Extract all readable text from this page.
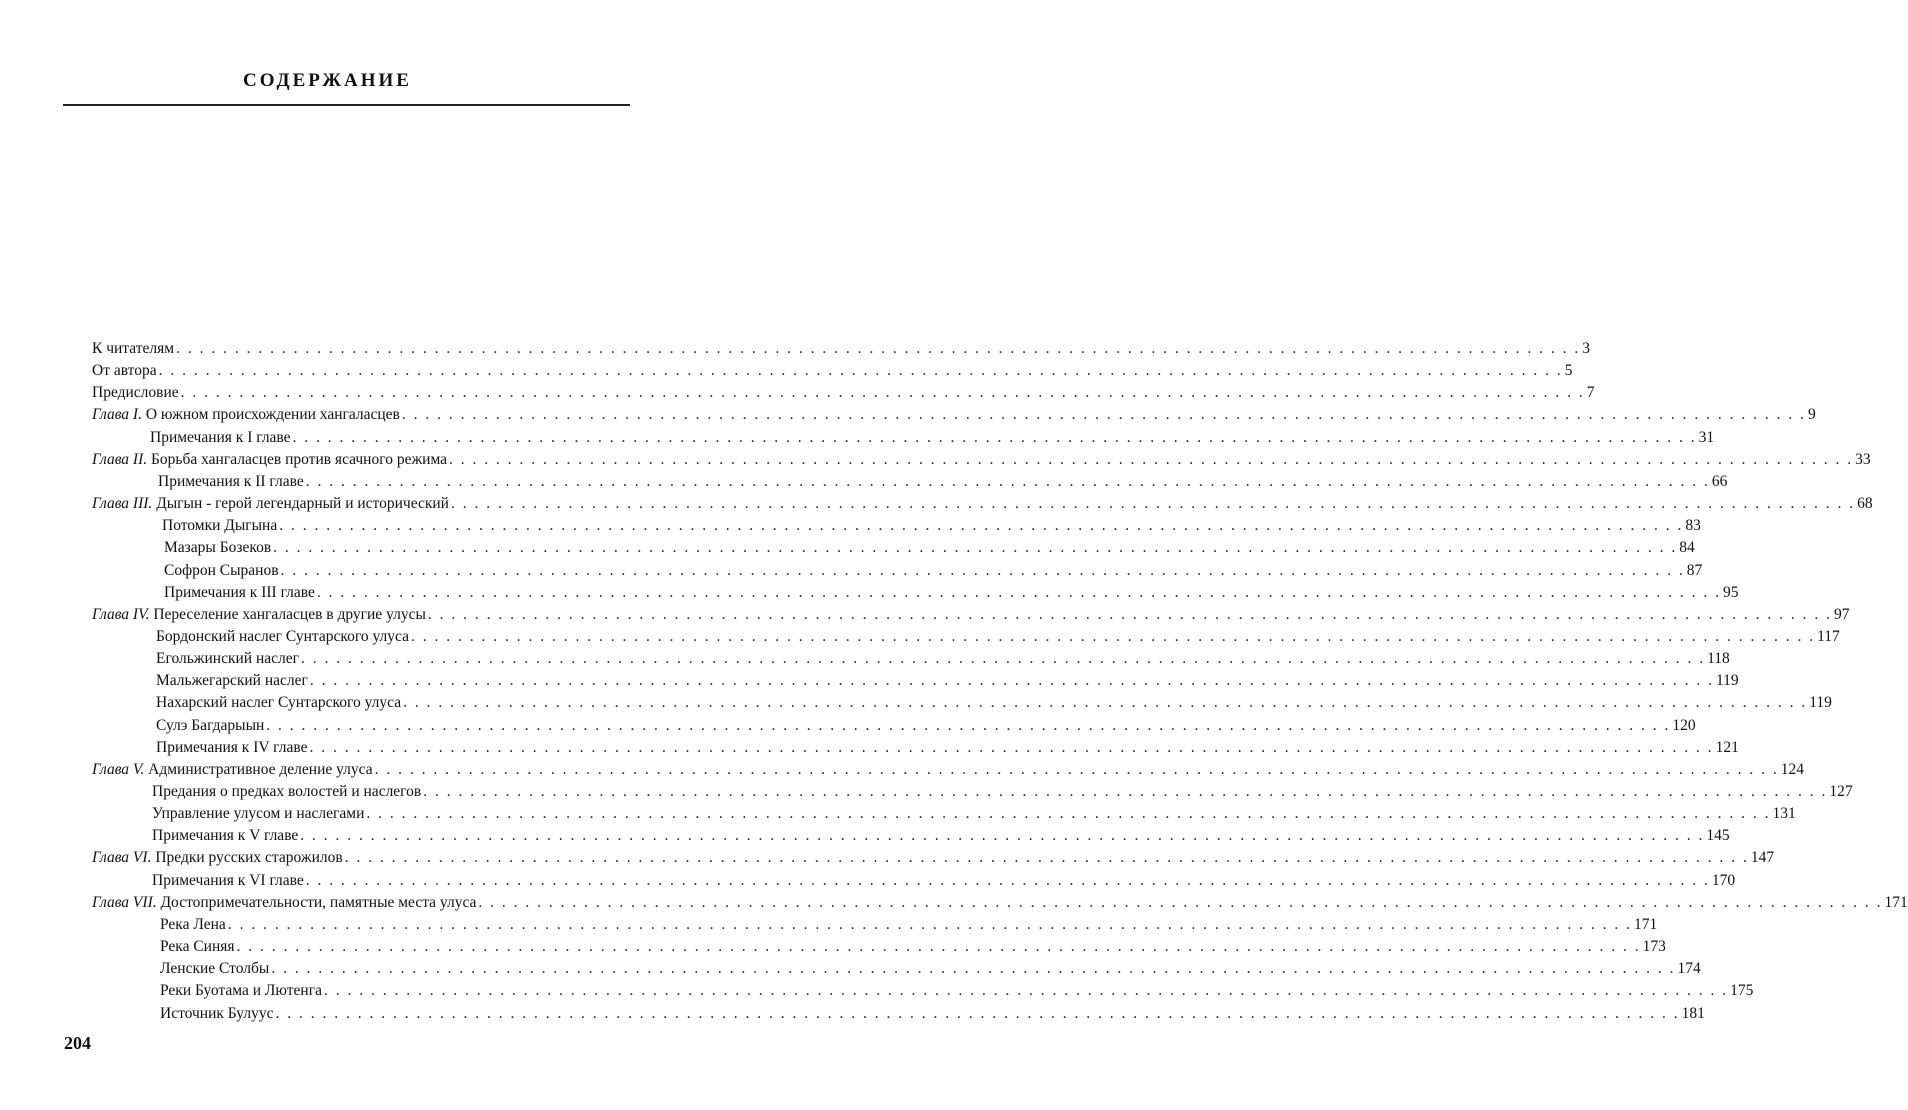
СОДЕРЖАНИЕ
К читателям . . . . . . . . . . . . . . . . . . . . . . . . . . . . . . . . . . . . . . . . . . . . . . . . . . . . . . . . . . . . . . . . . . . . . . . . . . . . . . . . . . . . . . . . . . . . . . . . . . . . . . . . . . . . . . . . . . . . . . . . 3
От автора . . . . . . . . . . . . . . . . . . . . . . . . . . . . . . . . . . . . . . . . . . . . . . . . . . . . . . . . . . . . . . . . . . . . . . . . . . . . . . . . . . . . . . . . . . . . . . . . . . . . . . . . . . . . . . . . . . . . . . . . 5
Предисловие . . . . . . . . . . . . . . . . . . . . . . . . . . . . . . . . . . . . . . . . . . . . . . . . . . . . . . . . . . . . . . . . . . . . . . . . . . . . . . . . . . . . . . . . . . . . . . . . . . . . . . . . . . . . . . . . . . . . . . . . 7
Глава I. О южном происхождении хангаласцев . . . . . . . . . . . . . . . . . . . . . . . . . . . . . . . . . . . . . . . . . . . . . . . . . . . . . . . . . . . . . . . . . . . . . . . . . . . . . . . . . . . . . . . . . . . . . . . . . . . . . . . . . . . . . . . . . . . . . . . . 9
Примечания к I главе . . . . . . . . . . . . . . . . . . . . . . . . . . . . . . . . . . . . . . . . . . . . . . . . . . . . . . . . . . . . . . . . . . . . . . . . . . . . . . . . . . . . . . . . . . . . . . . . . . . . . . . . . . . . . . . . . . . . . . . . 31
Глава II. Борьба хангаласцев против ясачного режима . . . . . . . . . . . . . . . . . . . . . . . . . . . . . . . . . . . . . . . . . . . . . . . . . . . . . . . . . . . . . . . . . . . . . . . . . . . . . . . . . . . . . . . . . . . . . . . . . . . . . . . . . . . . . . . . . . . . . . . . 33
Примечания к II главе . . . . . . . . . . . . . . . . . . . . . . . . . . . . . . . . . . . . . . . . . . . . . . . . . . . . . . . . . . . . . . . . . . . . . . . . . . . . . . . . . . . . . . . . . . . . . . . . . . . . . . . . . . . . . . . . . . . . . . . . 66
Глава III. Дыгын - герой легендарный и исторический . . . . . . . . . . . . . . . . . . . . . . . . . . . . . . . . . . . . . . . . . . . . . . . . . . . . . . . . . . . . . . . . . . . . . . . . . . . . . . . . . . . . . . . . . . . . . . . . . . . . . . . . . . . . . . . . . . . . . . . . 68
Потомки Дыгына . . . . . . . . . . . . . . . . . . . . . . . . . . . . . . . . . . . . . . . . . . . . . . . . . . . . . . . . . . . . . . . . . . . . . . . . . . . . . . . . . . . . . . . . . . . . . . . . . . . . . . . . . . . . . . . . . . . . . . . . 83
Мазары Бозеков . . . . . . . . . . . . . . . . . . . . . . . . . . . . . . . . . . . . . . . . . . . . . . . . . . . . . . . . . . . . . . . . . . . . . . . . . . . . . . . . . . . . . . . . . . . . . . . . . . . . . . . . . . . . . . . . . . . . . . . . 84
Софрон Сыранов . . . . . . . . . . . . . . . . . . . . . . . . . . . . . . . . . . . . . . . . . . . . . . . . . . . . . . . . . . . . . . . . . . . . . . . . . . . . . . . . . . . . . . . . . . . . . . . . . . . . . . . . . . . . . . . . . . . . . . . . 87
Примечания к III главе . . . . . . . . . . . . . . . . . . . . . . . . . . . . . . . . . . . . . . . . . . . . . . . . . . . . . . . . . . . . . . . . . . . . . . . . . . . . . . . . . . . . . . . . . . . . . . . . . . . . . . . . . . . . . . . . . . . . . . . . 95
Глава IV. Переселение хангаласцев в другие улусы . . . . . . . . . . . . . . . . . . . . . . . . . . . . . . . . . . . . . . . . . . . . . . . . . . . . . . . . . . . . . . . . . . . . . . . . . . . . . . . . . . . . . . . . . . . . . . . . . . . . . . . . . . . . . . . . . . . . . . . . 97
Бордонский наслег Сунтарского улуса . . . . . . . . . . . . . . . . . . . . . . . . . . . . . . . . . . . . . . . . . . . . . . . . . . . . . . . . . . . . . . . . . . . . . . . . . . . . . . . . . . . . . . . . . . . . . . . . . . . . . . . . . . . . . . . . . . . . . . . . 117
Егольжинский наслег . . . . . . . . . . . . . . . . . . . . . . . . . . . . . . . . . . . . . . . . . . . . . . . . . . . . . . . . . . . . . . . . . . . . . . . . . . . . . . . . . . . . . . . . . . . . . . . . . . . . . . . . . . . . . . . . . . . . . . . . 118
Мальжегарский наслег . . . . . . . . . . . . . . . . . . . . . . . . . . . . . . . . . . . . . . . . . . . . . . . . . . . . . . . . . . . . . . . . . . . . . . . . . . . . . . . . . . . . . . . . . . . . . . . . . . . . . . . . . . . . . . . . . . . . . . . . 119
Нахарский наслег Сунтарского улуса . . . . . . . . . . . . . . . . . . . . . . . . . . . . . . . . . . . . . . . . . . . . . . . . . . . . . . . . . . . . . . . . . . . . . . . . . . . . . . . . . . . . . . . . . . . . . . . . . . . . . . . . . . . . . . . . . . . . . . . . 119
Сулэ Багдарыын . . . . . . . . . . . . . . . . . . . . . . . . . . . . . . . . . . . . . . . . . . . . . . . . . . . . . . . . . . . . . . . . . . . . . . . . . . . . . . . . . . . . . . . . . . . . . . . . . . . . . . . . . . . . . . . . . . . . . . . . 120
Примечания к IV главе . . . . . . . . . . . . . . . . . . . . . . . . . . . . . . . . . . . . . . . . . . . . . . . . . . . . . . . . . . . . . . . . . . . . . . . . . . . . . . . . . . . . . . . . . . . . . . . . . . . . . . . . . . . . . . . . . . . . . . . . 121
Глава V. Административное деление улуса . . . . . . . . . . . . . . . . . . . . . . . . . . . . . . . . . . . . . . . . . . . . . . . . . . . . . . . . . . . . . . . . . . . . . . . . . . . . . . . . . . . . . . . . . . . . . . . . . . . . . . . . . . . . . . . . . . . . . . . . 124
Предания о предках волостей и наслегов . . . . . . . . . . . . . . . . . . . . . . . . . . . . . . . . . . . . . . . . . . . . . . . . . . . . . . . . . . . . . . . . . . . . . . . . . . . . . . . . . . . . . . . . . . . . . . . . . . . . . . . . . . . . . . . . . . . . . . . . 127
Управление улусом и наслегами . . . . . . . . . . . . . . . . . . . . . . . . . . . . . . . . . . . . . . . . . . . . . . . . . . . . . . . . . . . . . . . . . . . . . . . . . . . . . . . . . . . . . . . . . . . . . . . . . . . . . . . . . . . . . . . . . . . . . . . . 131
Примечания к V главе . . . . . . . . . . . . . . . . . . . . . . . . . . . . . . . . . . . . . . . . . . . . . . . . . . . . . . . . . . . . . . . . . . . . . . . . . . . . . . . . . . . . . . . . . . . . . . . . . . . . . . . . . . . . . . . . . . . . . . . . 145
Глава VI. Предки русских старожилов . . . . . . . . . . . . . . . . . . . . . . . . . . . . . . . . . . . . . . . . . . . . . . . . . . . . . . . . . . . . . . . . . . . . . . . . . . . . . . . . . . . . . . . . . . . . . . . . . . . . . . . . . . . . . . . . . . . . . . . . 147
Примечания к VI главе . . . . . . . . . . . . . . . . . . . . . . . . . . . . . . . . . . . . . . . . . . . . . . . . . . . . . . . . . . . . . . . . . . . . . . . . . . . . . . . . . . . . . . . . . . . . . . . . . . . . . . . . . . . . . . . . . . . . . . . . 170
Глава VII. Достопримечательности, памятные места улуса . . . . . . . . . . . . . . . . . . . . . . . . . . . . . . . . . . . . . . . . . . . . . . . . . . . . . . . . . . . . . . . . . . . . . . . . . . . . . . . . . . . . . . . . . . . . . . . . . . . . . . . . . . . . . . . . . . . . . . . . 171
Река Лена . . . . . . . . . . . . . . . . . . . . . . . . . . . . . . . . . . . . . . . . . . . . . . . . . . . . . . . . . . . . . . . . . . . . . . . . . . . . . . . . . . . . . . . . . . . . . . . . . . . . . . . . . . . . . . . . . . . . . . . . 171
Река Синяя . . . . . . . . . . . . . . . . . . . . . . . . . . . . . . . . . . . . . . . . . . . . . . . . . . . . . . . . . . . . . . . . . . . . . . . . . . . . . . . . . . . . . . . . . . . . . . . . . . . . . . . . . . . . . . . . . . . . . . . . 173
Ленские Столбы . . . . . . . . . . . . . . . . . . . . . . . . . . . . . . . . . . . . . . . . . . . . . . . . . . . . . . . . . . . . . . . . . . . . . . . . . . . . . . . . . . . . . . . . . . . . . . . . . . . . . . . . . . . . . . . . . . . . . . . . 174
Реки Буотама и Лютенга . . . . . . . . . . . . . . . . . . . . . . . . . . . . . . . . . . . . . . . . . . . . . . . . . . . . . . . . . . . . . . . . . . . . . . . . . . . . . . . . . . . . . . . . . . . . . . . . . . . . . . . . . . . . . . . . . . . . . . . . 175
Источник Булуус . . . . . . . . . . . . . . . . . . . . . . . . . . . . . . . . . . . . . . . . . . . . . . . . . . . . . . . . . . . . . . . . . . . . . . . . . . . . . . . . . . . . . . . . . . . . . . . . . . . . . . . . . . . . . . . . . . . . . . . . 181
204
